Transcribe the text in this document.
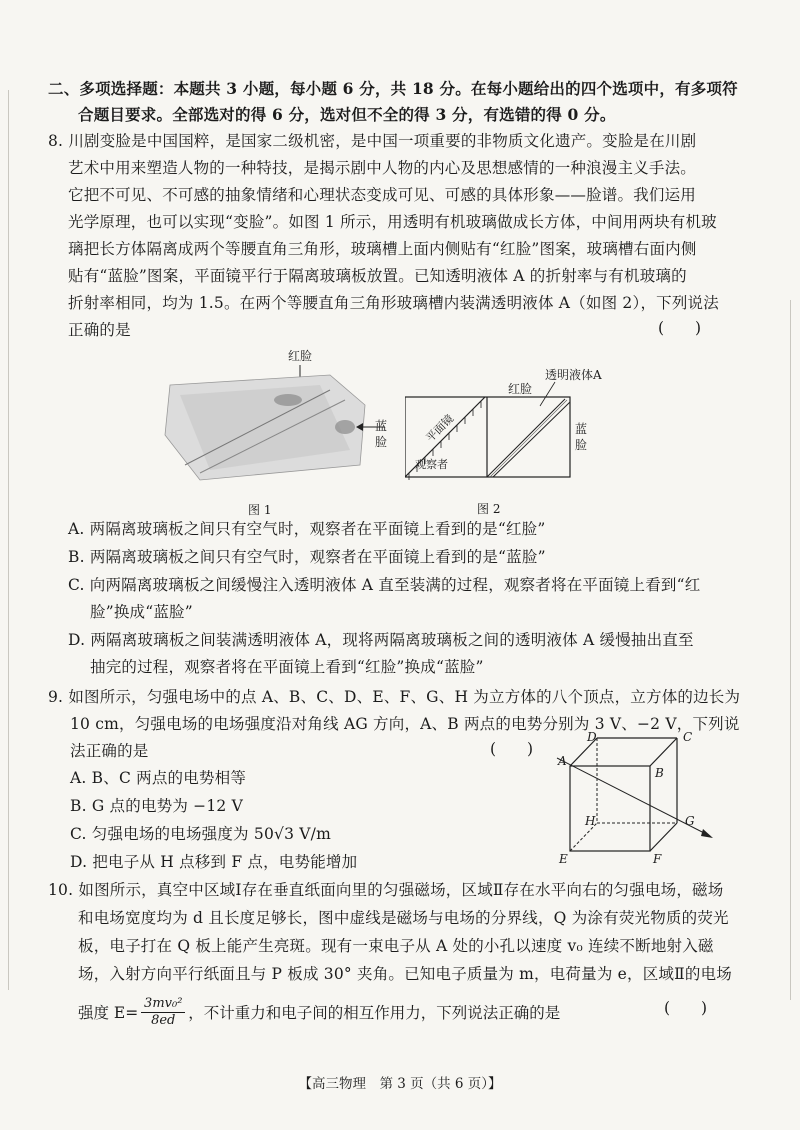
二、多项选择题：本题共 3 小题，每小题 6 分，共 18 分。在每小题给出的四个选项中，有多项符
合题目要求。全部选对的得 6 分，选对但不全的得 3 分，有选错的得 0 分。
8. 川剧变脸是中国国粹，是国家二级机密，是中国一项重要的非物质文化遗产。变脸是在川剧
艺术中用来塑造人物的一种特技，是揭示剧中人物的内心及思想感情的一种浪漫主义手法。
它把不可见、不可感的抽象情绪和心理状态变成可见、可感的具体形象——脸谱。我们运用
光学原理，也可以实现“变脸”。如图 1 所示，用透明有机玻璃做成长方体，中间用两块有机玻
璃把长方体隔离成两个等腰直角三角形，玻璃槽上面内侧贴有“红脸”图案，玻璃槽右面内侧
贴有“蓝脸”图案，平面镜平行于隔离玻璃板放置。已知透明液体 A 的折射率与有机玻璃的
折射率相同，均为 1.5。在两个等腰直角三角形玻璃槽内装满透明液体 A（如图 2），下列说法
正确的是	(　　)
红脸
蓝
脸
图 1
红脸
透明液体A
平面镜
观察者
蓝
脸
图 2
A. 两隔离玻璃板之间只有空气时，观察者在平面镜上看到的是“红脸”
B. 两隔离玻璃板之间只有空气时，观察者在平面镜上看到的是“蓝脸”
C. 向两隔离玻璃板之间缓慢注入透明液体 A 直至装满的过程，观察者将在平面镜上看到“红
脸”换成“蓝脸”
D. 两隔离玻璃板之间装满透明液体 A，现将两隔离玻璃板之间的透明液体 A 缓慢抽出直至
抽完的过程，观察者将在平面镜上看到“红脸”换成“蓝脸”
9. 如图所示，匀强电场中的点 A、B、C、D、E、F、G、H 为立方体的八个顶点，立方体的边长为
10 cm，匀强电场的电场强度沿对角线 AG 方向，A、B 两点的电势分别为 3 V、−2 V，下列说
法正确的是	(　　)
A. B、C 两点的电势相等
B. G 点的电势为 −12 V
C. 匀强电场的电场强度为 50√3 V/m
D. 把电子从 H 点移到 F 点，电势能增加
A
D	C
B
H	G
E	F
10. 如图所示，真空中区域Ⅰ存在垂直纸面向里的匀强磁场，区域Ⅱ存在水平向右的匀强电场，磁场
和电场宽度均为 d 且长度足够长，图中虚线是磁场与电场的分界线，Q 为涂有荧光物质的荧光
板，电子打在 Q 板上能产生亮斑。现有一束电子从 A 处的小孔以速度 v₀ 连续不断地射入磁
场，入射方向平行纸面且与 P 板成 30° 夹角。已知电子质量为 m，电荷量为 e，区域Ⅱ的电场
强度 E=
3mv₀²
8ed ，不计重力和电子间的相互作用力，下列说法正确的是	(　　)
【高三物理　第 3 页（共 6 页）】
